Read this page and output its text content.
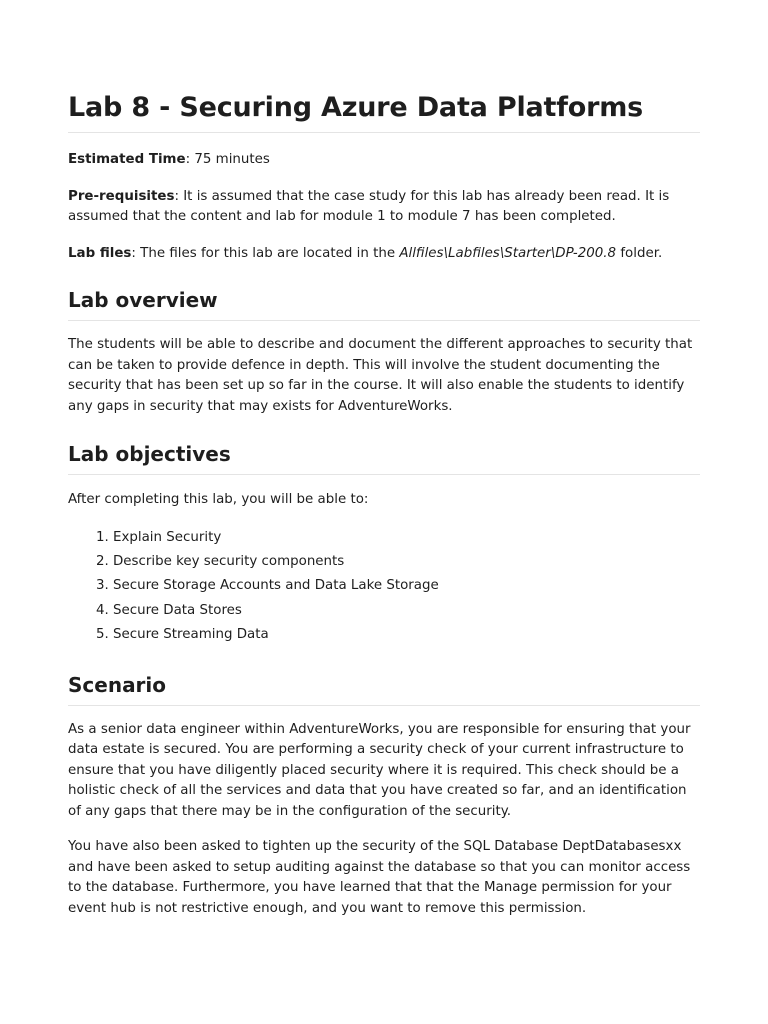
Lab 8 - Securing Azure Data Platforms

Estimated Time: 75 minutes

Pre-requisites: It is assumed that the case study for this lab has already been read. It is assumed that the content and lab for module 1 to module 7 has been completed.

Lab files: The files for this lab are located in the Allfiles\Labfiles\Starter\DP-200.8 folder.

Lab overview

The students will be able to describe and document the different approaches to security that can be taken to provide defence in depth. This will involve the student documenting the security that has been set up so far in the course. It will also enable the students to identify any gaps in security that may exists for AdventureWorks.

Lab objectives

After completing this lab, you will be able to:

1. Explain Security
2. Describe key security components
3. Secure Storage Accounts and Data Lake Storage
4. Secure Data Stores
5. Secure Streaming Data
Scenario

As a senior data engineer within AdventureWorks, you are responsible for ensuring that your data estate is secured. You are performing a security check of your current infrastructure to ensure that you have diligently placed security where it is required. This check should be a holistic check of all the services and data that you have created so far, and an identification of any gaps that there may be in the configuration of the security.

You have also been asked to tighten up the security of the SQL Database DeptDatabasesxx and have been asked to setup auditing against the database so that you can monitor access to the database. Furthermore, you have learned that that the Manage permission for your event hub is not restrictive enough, and you want to remove this permission.
